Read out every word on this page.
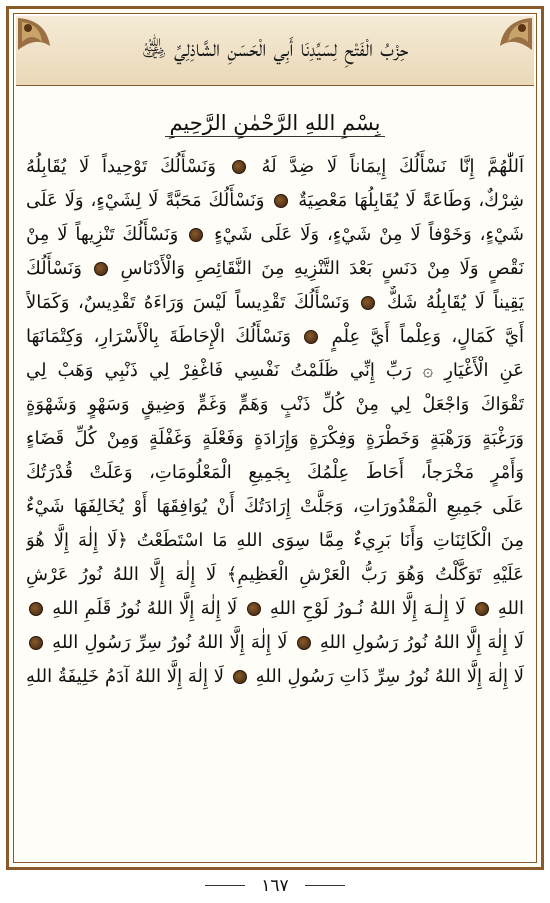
حِزْبُ الْفَتْحِ لِسَيِّدِنَا أَبِي الْحَسَنِ الشَّاذِلِيِّ ﵁
بِسْمِ اللهِ الرَّحْمٰنِ الرَّحِيمِ
اَللّٰهُمَّ إِنَّا نَسْأَلُكَ إِيمَاناً لَا ضِدَّ لَهُ  وَنَسْأَلُكَ تَوْحِيداً لَا يُقَابِلُهُ
شِرْكٌ، وَطَاعَةً لَا يُقَابِلُهَا مَعْصِيَةٌ  وَنَسْأَلُكَ مَحَبَّةً لَا لِشَيْءٍ، وَلَا عَلَى
شَيْءٍ، وَخَوْفاً لَا مِنْ شَيْءٍ، وَلَا عَلَى شَيْءٍ  وَنَسْأَلُكَ تَنْزِيهاً لَا مِنْ
نَقْصٍ وَلَا مِنْ دَنَسٍ بَعْدَ التَّنْزِيهِ مِنَ النَّقَائِصِ وَالْأَدْنَاسِ  وَنَسْأَلُكَ
يَقِيناً لَا يُقَابِلُهُ شَكٌّ  وَنَسْأَلُكَ تَقْدِيساً لَيْسَ وَرَاءَهُ تَقْدِيسٌ، وَكَمَالاً
أَيَّ كَمَالٍ، وَعِلْماً أَيَّ عِلْمٍ  وَنَسْأَلُكَ الْإِحَاطَةَ بِالْأَسْرَارِ، وَكِتْمَانَهَا
عَنِ الْأَغْيَارِ ۞ رَبِّ إِنِّي ظَلَمْتُ نَفْسِي فَاغْفِرْ لِي ذَنْبِي وَهَبْ لِي
تَقْوَاكَ وَاجْعَلْ لِي مِنْ كُلِّ ذَنْبٍ وَهَمٍّ وَغَمٍّ وَضِيقٍ وَسَهْوٍ وَشَهْوَةٍ
وَرَغْبَةٍ وَرَهْبَةٍ وَخَطْرَةٍ وَفِكْرَةٍ وَإِرَادَةٍ وَفَعْلَةٍ وَغَفْلَةٍ وَمِنْ كُلِّ قَضَاءٍ
وَأَمْرٍ مَخْرَجاً، أَحَاطَ عِلْمُكَ بِجَمِيعِ الْمَعْلُومَاتِ، وَعَلَتْ قُدْرَتُكَ
عَلَى جَمِيعِ الْمَقْدُورَاتِ، وَجَلَّتْ إِرَادَتُكَ أَنْ يُوَافِقَهَا أَوْ يُخَالِفَهَا شَيْءٌ
مِنَ الْكَائِنَاتِ وَأَنَا بَرِيءٌ مِمَّا سِوَى اللهِ مَا اسْتَطَعْتُ ﴿لَا إِلٰهَ إِلَّا هُوَ
عَلَيْهِ تَوَكَّلْتُ وَهُوَ رَبُّ الْعَرْشِ الْعَظِيمِ﴾ لَا إِلٰهَ إِلَّا اللهُ نُورُ عَرْشِ
اللهِ  لَا إِلٰـهَ إِلَّا اللهُ نُـورُ لَوْحِ اللهِ  لَا إِلٰهَ إِلَّا اللهُ نُورُ قَلَمِ اللهِ
لَا إِلٰهَ إِلَّا اللهُ نُورُ رَسُولِ اللهِ  لَا إِلٰهَ إِلَّا اللهُ نُورُ سِرِّ رَسُولِ اللهِ
لَا إِلٰهَ إِلَّا اللهُ نُورُ سِرِّ ذَاتِ رَسُولِ اللهِ  لَا إِلٰهَ إِلَّا اللهُ آدَمُ خَلِيفَةُ اللهِ
١٦٧
